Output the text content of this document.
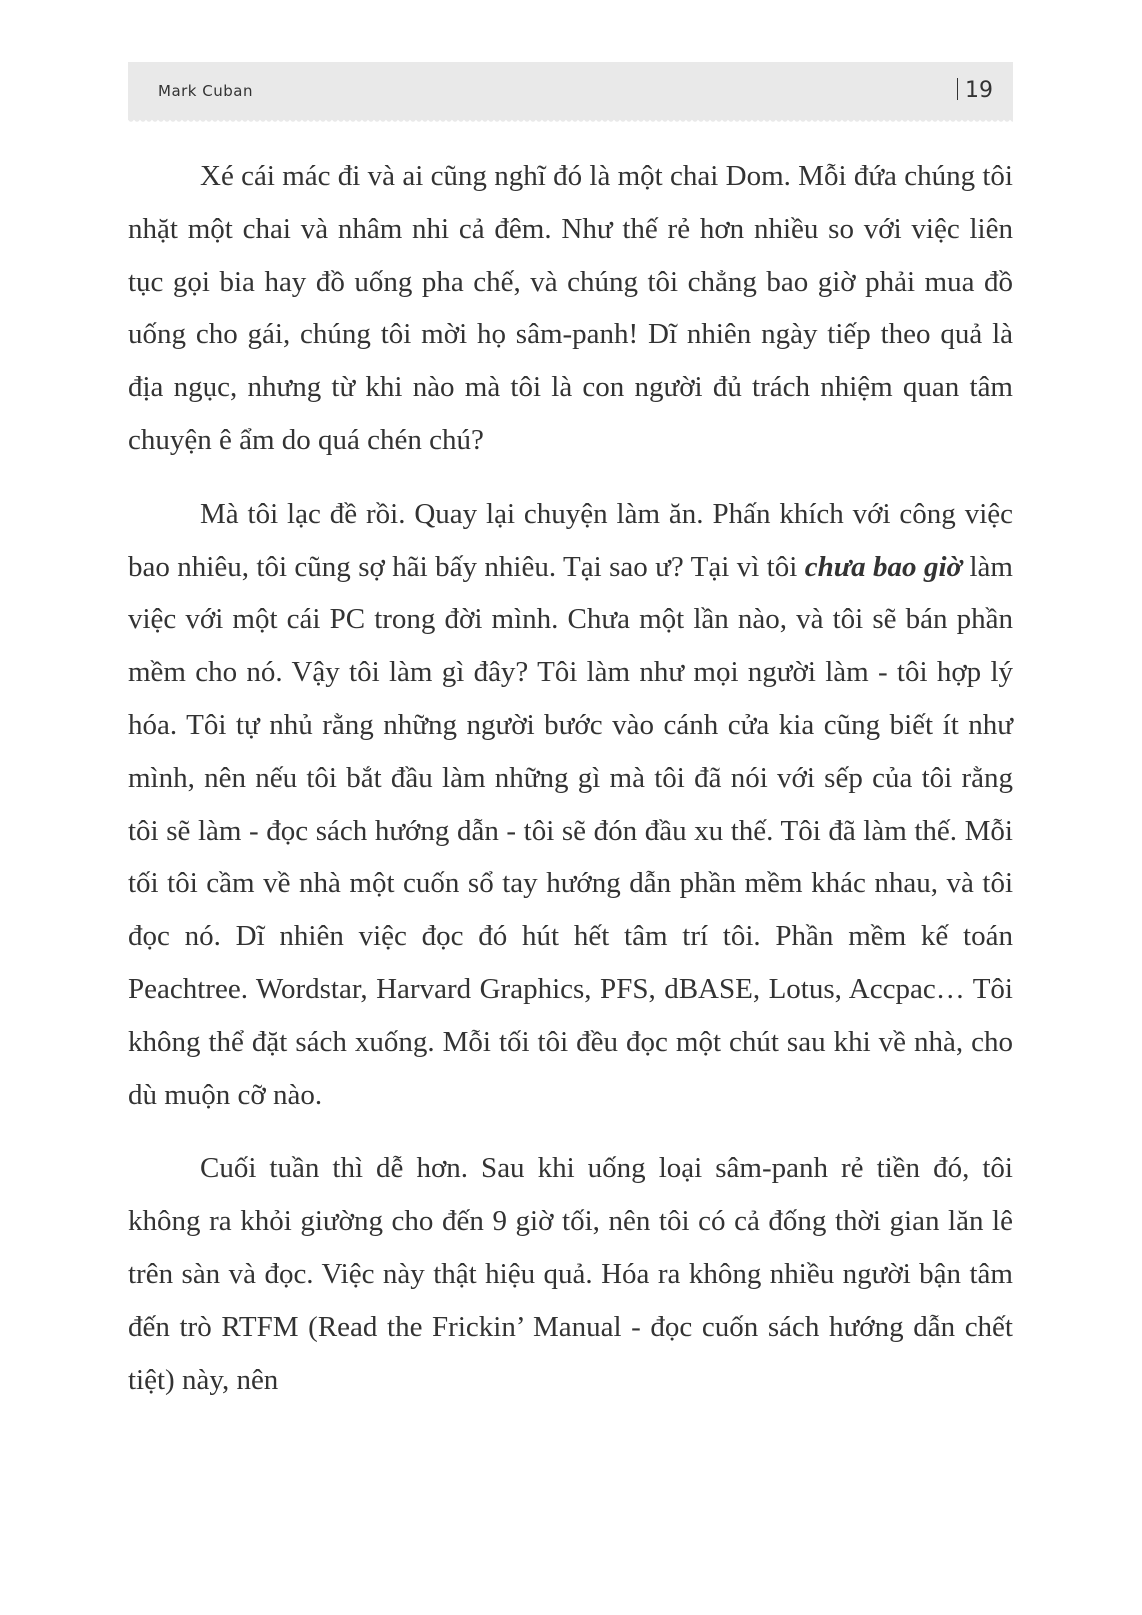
Mark Cuban	19

Xé cái mác đi và ai cũng nghĩ đó là một chai Dom. Mỗi đứa chúng tôi nhặt một chai và nhâm nhi cả đêm. Như thế rẻ hơn nhiều so với việc liên tục gọi bia hay đồ uống pha chế, và chúng tôi chẳng bao giờ phải mua đồ uống cho gái, chúng tôi mời họ sâm-panh! Dĩ nhiên ngày tiếp theo quả là địa ngục, nhưng từ khi nào mà tôi là con người đủ trách nhiệm quan tâm chuyện ê ẩm do quá chén chú?

Mà tôi lạc đề rồi. Quay lại chuyện làm ăn. Phấn khích với công việc bao nhiêu, tôi cũng sợ hãi bấy nhiêu. Tại sao ư? Tại vì tôi chưa bao giờ làm việc với một cái PC trong đời mình. Chưa một lần nào, và tôi sẽ bán phần mềm cho nó. Vậy tôi làm gì đây? Tôi làm như mọi người làm - tôi hợp lý hóa. Tôi tự nhủ rằng những người bước vào cánh cửa kia cũng biết ít như mình, nên nếu tôi bắt đầu làm những gì mà tôi đã nói với sếp của tôi rằng tôi sẽ làm - đọc sách hướng dẫn - tôi sẽ đón đầu xu thế. Tôi đã làm thế. Mỗi tối tôi cầm về nhà một cuốn sổ tay hướng dẫn phần mềm khác nhau, và tôi đọc nó. Dĩ nhiên việc đọc đó hút hết tâm trí tôi. Phần mềm kế toán Peachtree. Wordstar, Harvard Graphics, PFS, dBASE, Lotus, Accpac… Tôi không thể đặt sách xuống. Mỗi tối tôi đều đọc một chút sau khi về nhà, cho dù muộn cỡ nào.

Cuối tuần thì dễ hơn. Sau khi uống loại sâm-panh rẻ tiền đó, tôi không ra khỏi giường cho đến 9 giờ tối, nên tôi có cả đống thời gian lăn lê trên sàn và đọc. Việc này thật hiệu quả. Hóa ra không nhiều người bận tâm đến trò RTFM (Read the Frickin’ Manual - đọc cuốn sách hướng dẫn chết tiệt) này, nên
